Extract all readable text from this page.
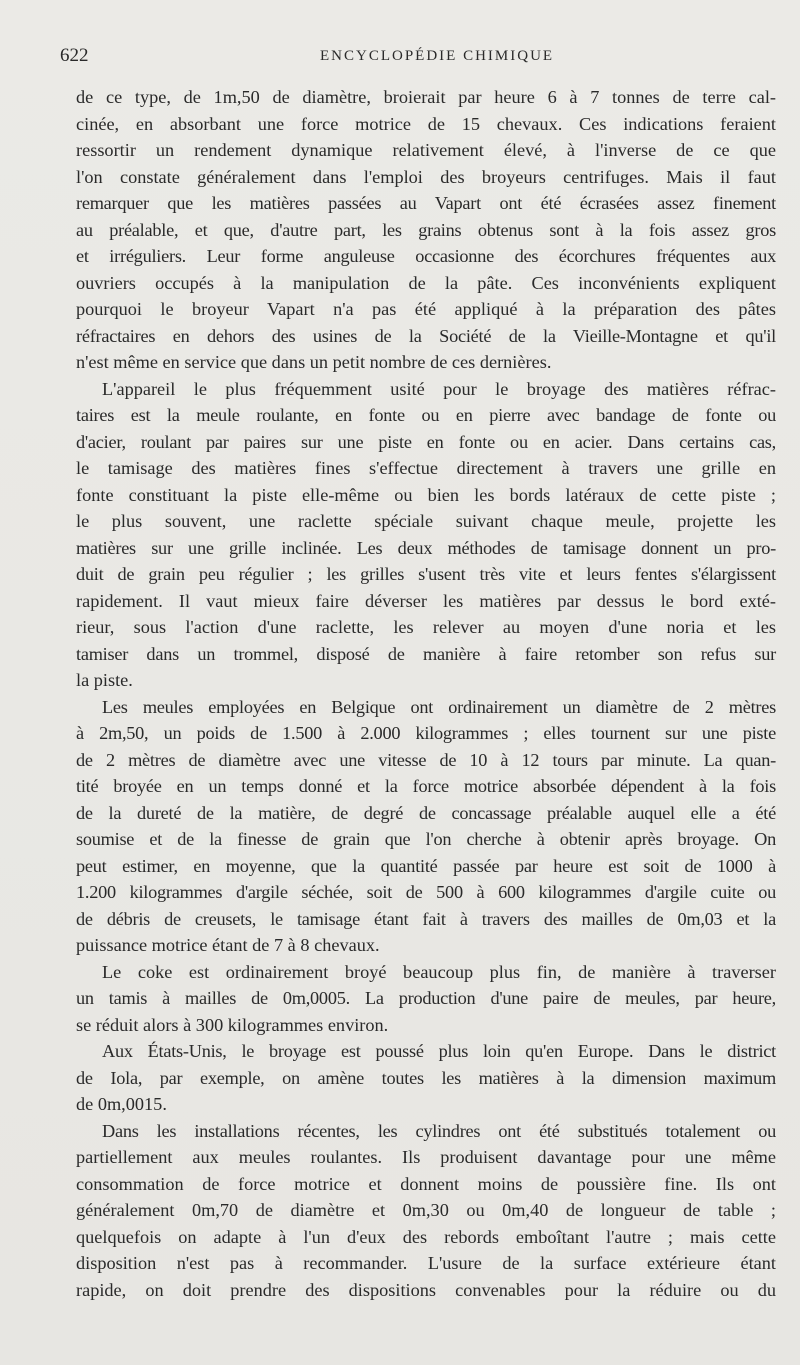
622	ENCYCLOPÉDIE CHIMIQUE
de ce type, de 1m,50 de diamètre, broierait par heure 6 à 7 tonnes de terre cal-
cinée, en absorbant une force motrice de 15 chevaux. Ces indications feraient
ressortir un rendement dynamique relativement élevé, à l'inverse de ce que
l'on constate généralement dans l'emploi des broyeurs centrifuges. Mais il faut
remarquer que les matières passées au Vapart ont été écrasées assez finement
au préalable, et que, d'autre part, les grains obtenus sont à la fois assez gros
et irréguliers. Leur forme anguleuse occasionne des écorchures fréquentes aux
ouvriers occupés à la manipulation de la pâte. Ces inconvénients expliquent
pourquoi le broyeur Vapart n'a pas été appliqué à la préparation des pâtes
réfractaires en dehors des usines de la Société de la Vieille-Montagne et qu'il
n'est même en service que dans un petit nombre de ces dernières.
L'appareil le plus fréquemment usité pour le broyage des matières réfrac-
taires est la meule roulante, en fonte ou en pierre avec bandage de fonte ou
d'acier, roulant par paires sur une piste en fonte ou en acier. Dans certains cas,
le tamisage des matières fines s'effectue directement à travers une grille en
fonte constituant la piste elle-même ou bien les bords latéraux de cette piste ;
le plus souvent, une raclette spéciale suivant chaque meule, projette les
matières sur une grille inclinée. Les deux méthodes de tamisage donnent un pro-
duit de grain peu régulier ; les grilles s'usent très vite et leurs fentes s'élargissent
rapidement. Il vaut mieux faire déverser les matières par dessus le bord exté-
rieur, sous l'action d'une raclette, les relever au moyen d'une noria et les
tamiser dans un trommel, disposé de manière à faire retomber son refus sur
la piste.
Les meules employées en Belgique ont ordinairement un diamètre de 2 mètres
à 2m,50, un poids de 1.500 à 2.000 kilogrammes ; elles tournent sur une piste
de 2 mètres de diamètre avec une vitesse de 10 à 12 tours par minute. La quan-
tité broyée en un temps donné et la force motrice absorbée dépendent à la fois
de la dureté de la matière, de degré de concassage préalable auquel elle a été
soumise et de la finesse de grain que l'on cherche à obtenir après broyage. On
peut estimer, en moyenne, que la quantité passée par heure est soit de 1000 à
1.200 kilogrammes d'argile séchée, soit de 500 à 600 kilogrammes d'argile cuite ou
de débris de creusets, le tamisage étant fait à travers des mailles de 0m,03 et la
puissance motrice étant de 7 à 8 chevaux.
Le coke est ordinairement broyé beaucoup plus fin, de manière à traverser
un tamis à mailles de 0m,0005. La production d'une paire de meules, par heure,
se réduit alors à 300 kilogrammes environ.
Aux États-Unis, le broyage est poussé plus loin qu'en Europe. Dans le district
de Iola, par exemple, on amène toutes les matières à la dimension maximum
de 0m,0015.
Dans les installations récentes, les cylindres ont été substitués totalement ou
partiellement aux meules roulantes. Ils produisent davantage pour une même
consommation de force motrice et donnent moins de poussière fine. Ils ont
généralement 0m,70 de diamètre et 0m,30 ou 0m,40 de longueur de table ;
quelquefois on adapte à l'un d'eux des rebords emboîtant l'autre ; mais cette
disposition n'est pas à recommander. L'usure de la surface extérieure étant
rapide, on doit prendre des dispositions convenables pour la réduire ou du
